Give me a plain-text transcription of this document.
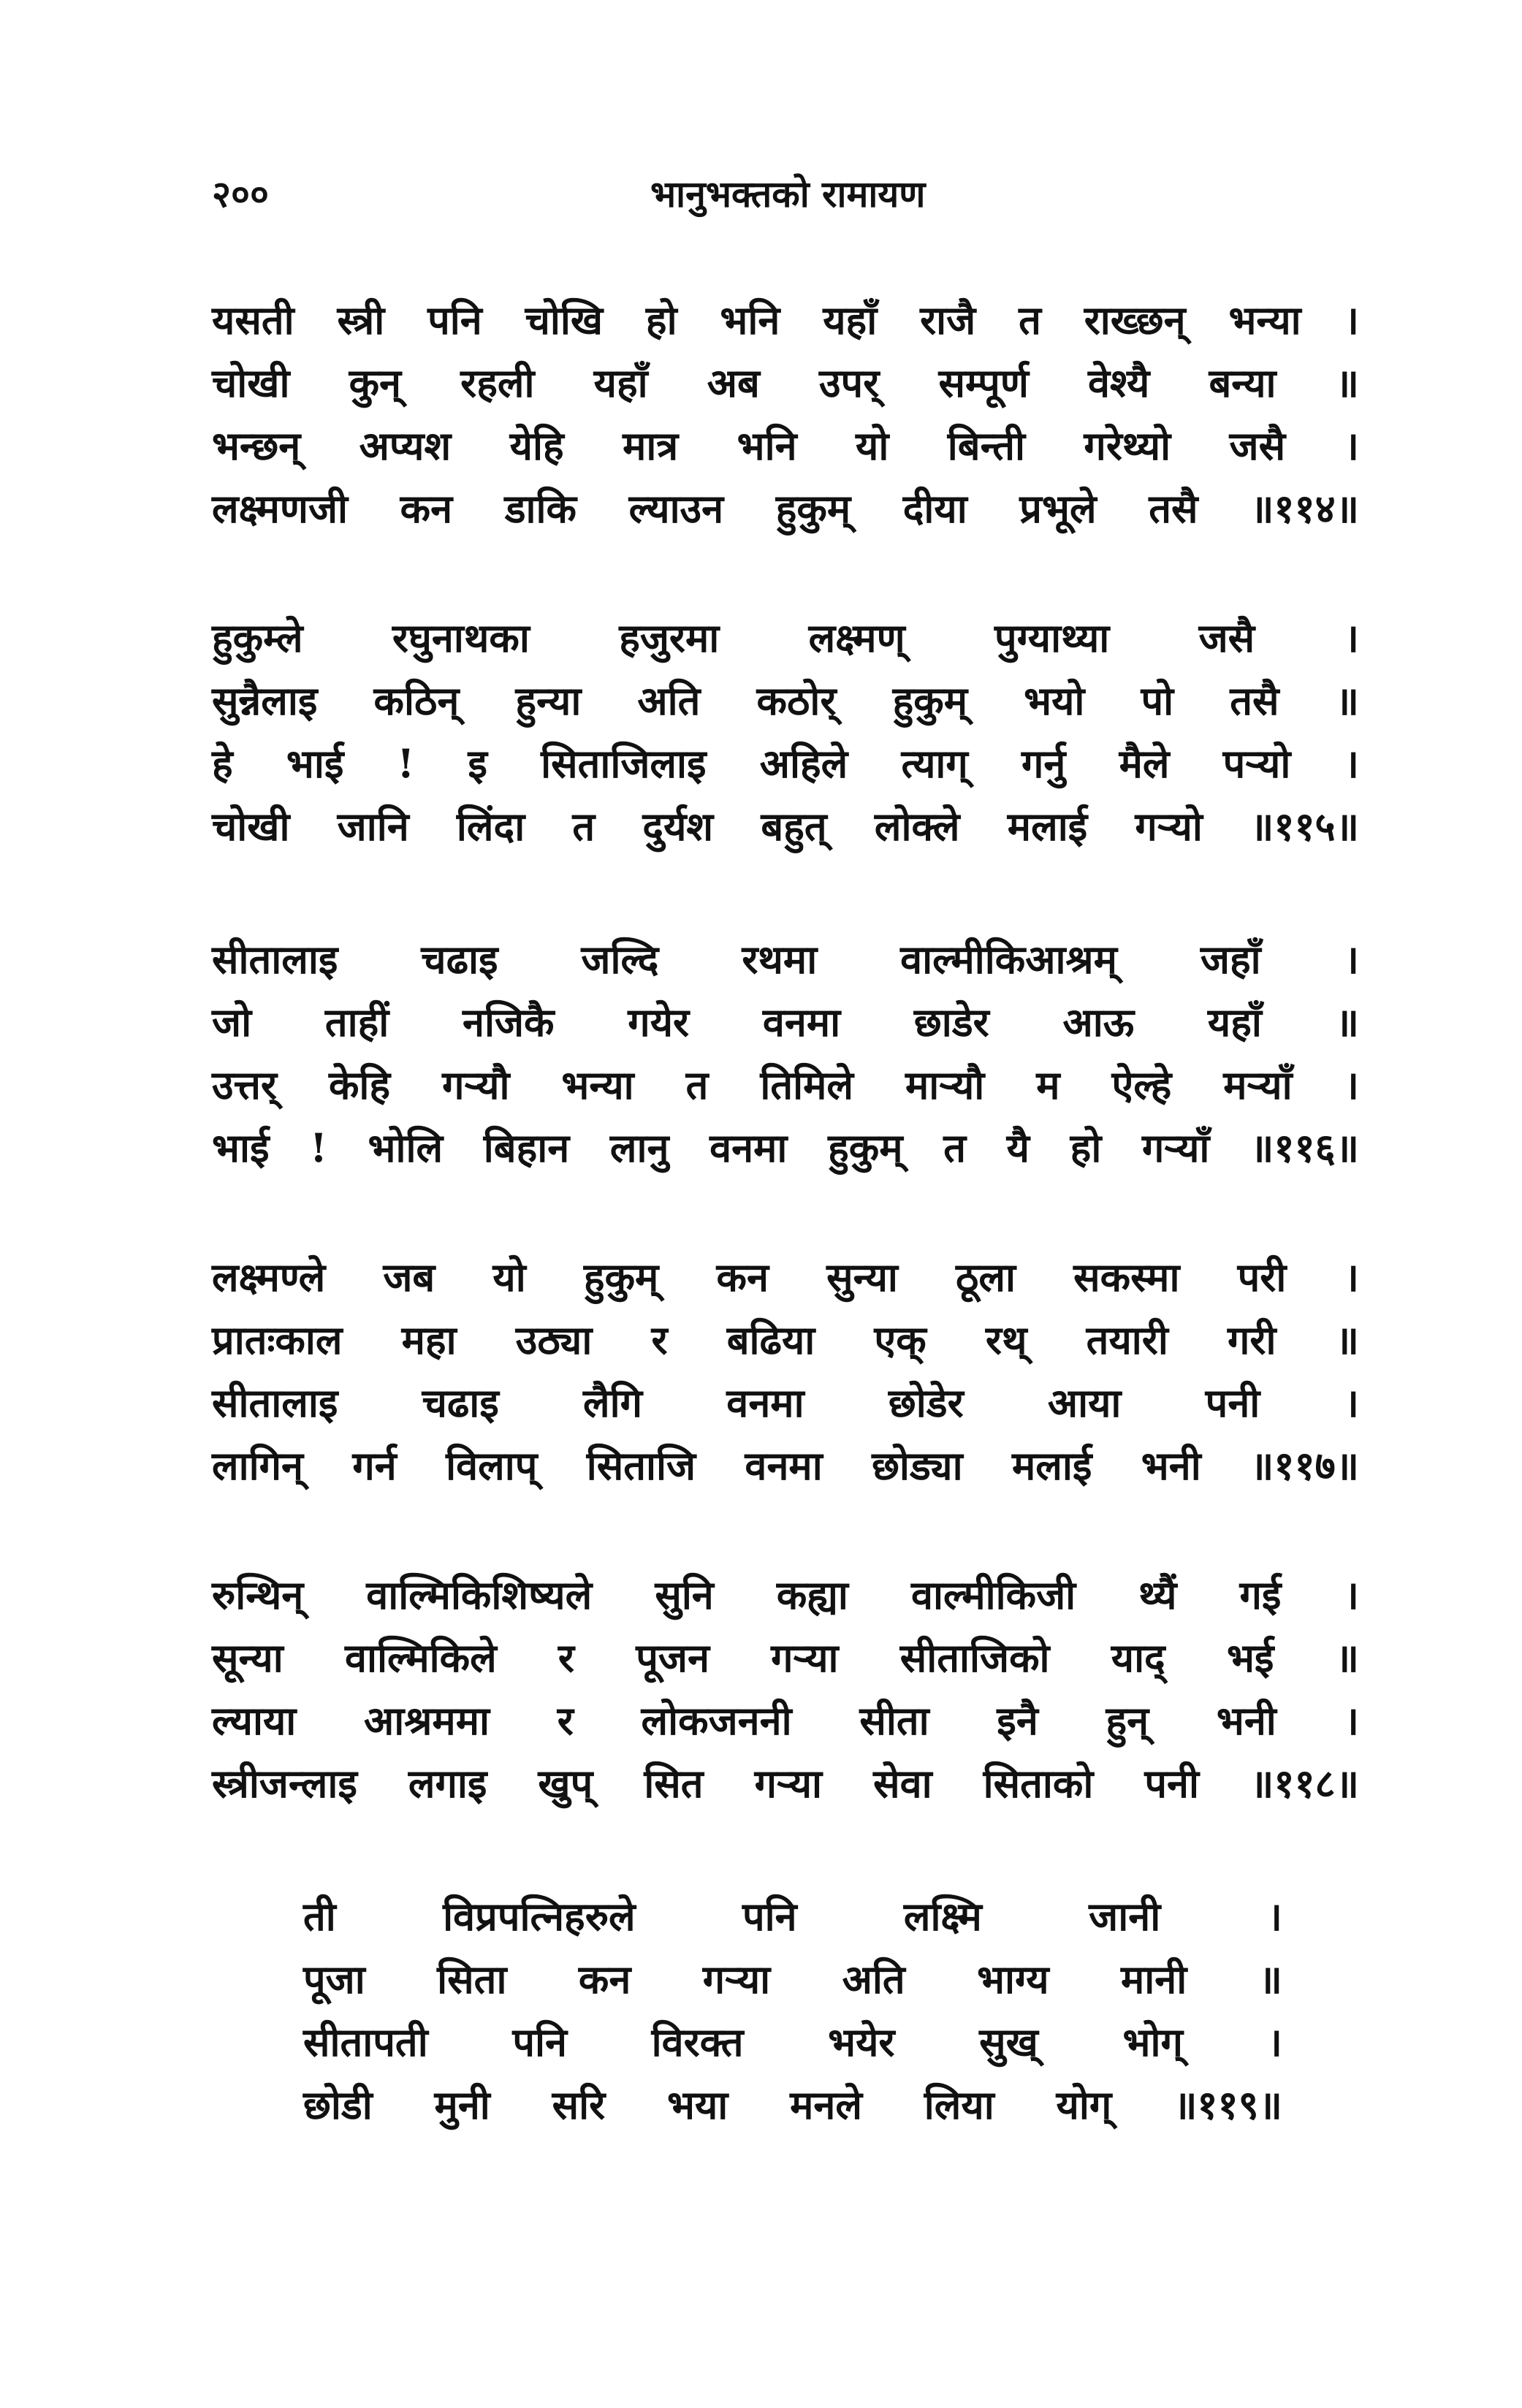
२००	भानुभक्तको रामायण
यसती स्त्री पनि चोखि हो भनि यहाँ राजै त राख्छन् भन्या ।
चोखी कुन् रहली यहाँ अब उपर् सम्पूर्ण वेश्यै बन्या ॥
भन्छन् अप्यश येहि मात्र भनि यो बिन्ती गरेथ्यो जसै ।
लक्ष्मणजी कन डाकि ल्याउन हुकुम् दीया प्रभूले तसै ॥११४॥
हुकुम्ले रघुनाथका हजुरमा लक्ष्मण् पुग्याथ्या जसै ।
सुन्नैलाइ कठिन् हुन्या अति कठोर् हुकुम् भयो पो तसै ॥
हे भाई ! इ सिताजिलाइ अहिले त्याग् गर्नु मैले पर्‍यो ।
चोखी जानि लिंदा त दुर्यश बहुत् लोक्ले मलाई गर्‍यो ॥११५॥
सीतालाइ चढाइ जल्दि रथमा वाल्मीकिआश्रम् जहाँ ।
जो ताहीं नजिकै गयेर वनमा छाडेर आऊ यहाँ ॥
उत्तर् केहि गर्‍यौ भन्या त तिमिले मार्‍यौ म ऐल्हे मर्‍याँ ।
भाई ! भोलि बिहान लानु वनमा हुकुम् त यै हो गर्‍याँ ॥११६॥
लक्ष्मण्ले जब यो हुकुम् कन सुन्या ठूला सकस्मा परी ।
प्रातःकाल महा उठ्या र बढिया एक् रथ् तयारी गरी ॥
सीतालाइ चढाइ लैगि वनमा छोडेर आया पनी ।
लागिन् गर्न विलाप् सिताजि वनमा छोड्या मलाई भनी ॥११७॥
रुन्थिन् वाल्मिकिशिष्यले सुनि कह्या वाल्मीकिजी थ्यैं गई ।
सून्या वाल्मिकिले र पूजन गर्‍या सीताजिको याद् भई ॥
ल्याया आश्रममा र लोकजननी सीता इनै हुन् भनी ।
स्त्रीजन्लाइ लगाइ खुप् सित गर्‍या सेवा सिताको पनी ॥११८॥
ती विप्रपत्निहरुले पनि लक्ष्मि जानी ।
पूजा सिता कन गर्‍या अति भाग्य मानी ॥
सीतापती पनि विरक्त भयेर सुख् भोग् ।
छोडी मुनी सरि भया मनले लिया योग् ॥११९॥
